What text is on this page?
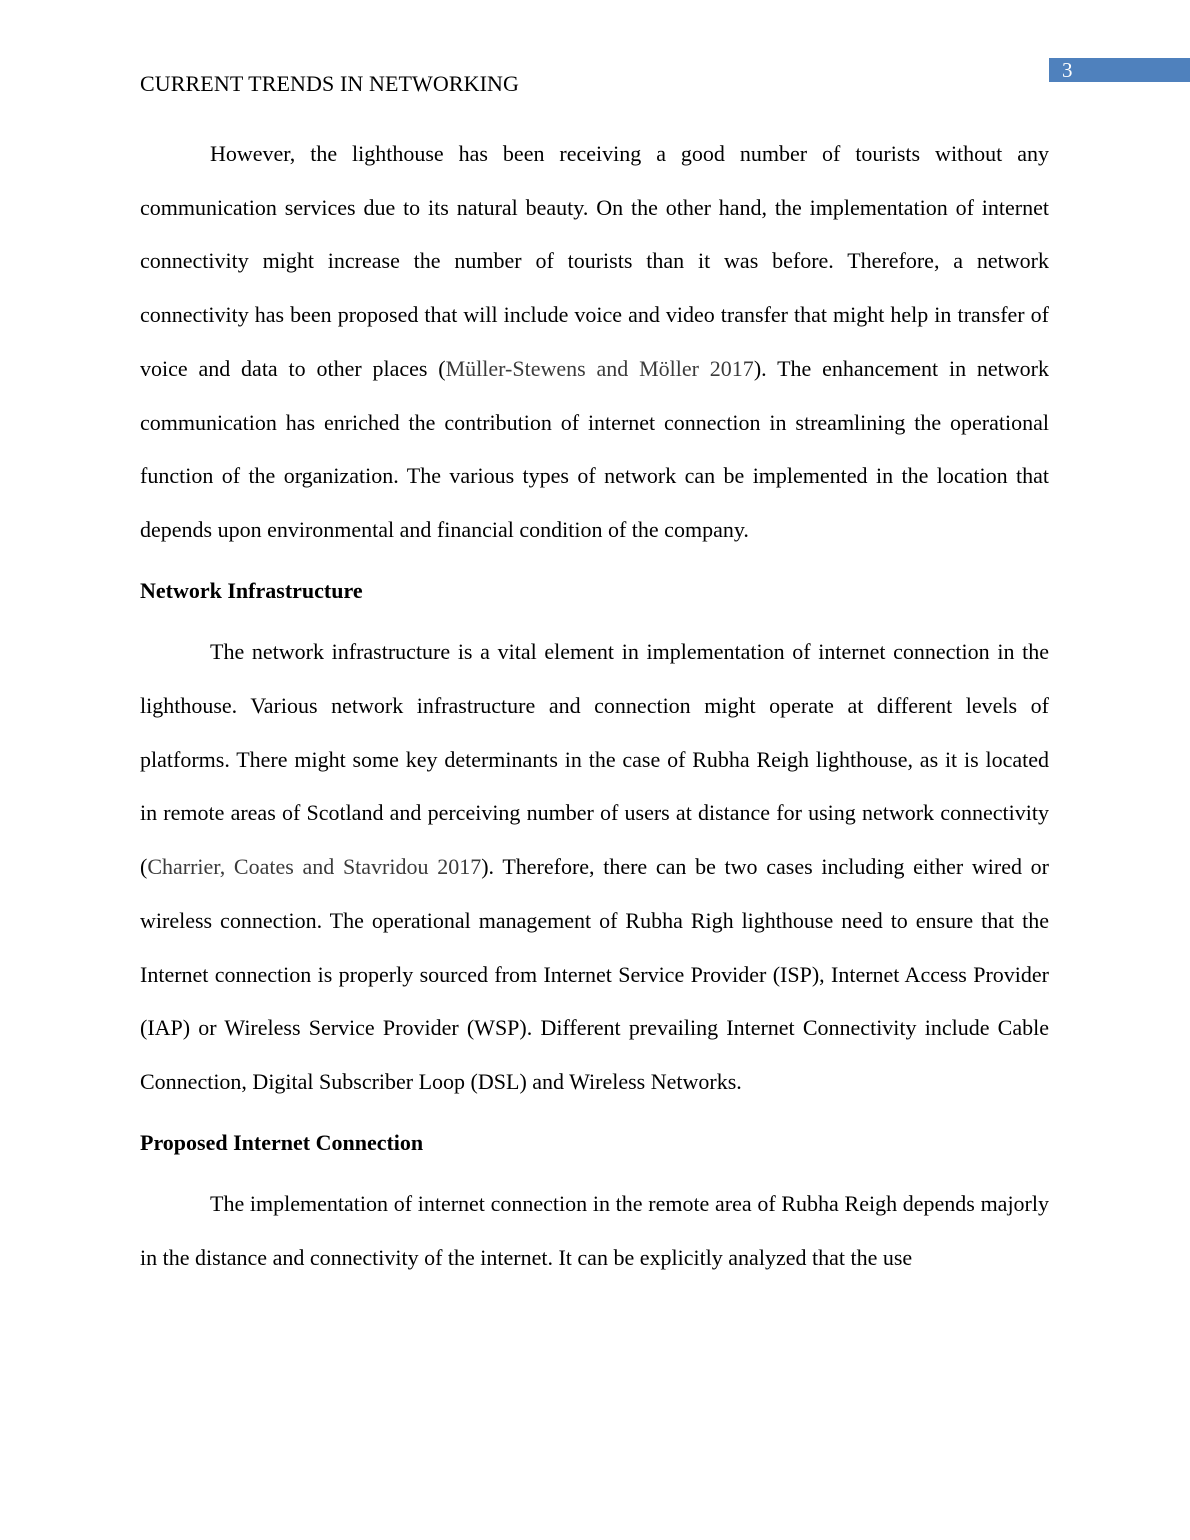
3
CURRENT TRENDS IN NETWORKING

However, the lighthouse has been receiving a good number of tourists without any communication services due to its natural beauty. On the other hand, the implementation of internet connectivity might increase the number of tourists than it was before. Therefore, a network connectivity has been proposed that will include voice and video transfer that might help in transfer of voice and data to other places (Müller-Stewens and Möller 2017). The enhancement in network communication has enriched the contribution of internet connection in streamlining the operational function of the organization. The various types of network can be implemented in the location that depends upon environmental and financial condition of the company.

Network Infrastructure

The network infrastructure is a vital element in implementation of internet connection in the lighthouse. Various network infrastructure and connection might operate at different levels of platforms. There might some key determinants in the case of Rubha Reigh lighthouse, as it is located in remote areas of Scotland and perceiving number of users at distance for using network connectivity (Charrier, Coates and Stavridou 2017). Therefore, there can be two cases including either wired or wireless connection. The operational management of Rubha Righ lighthouse need to ensure that the Internet connection is properly sourced from Internet Service Provider (ISP), Internet Access Provider (IAP) or Wireless Service Provider (WSP). Different prevailing Internet Connectivity include Cable Connection, Digital Subscriber Loop (DSL) and Wireless Networks.

Proposed Internet Connection

The implementation of internet connection in the remote area of Rubha Reigh depends majorly in the distance and connectivity of the internet. It can be explicitly analyzed that the use
